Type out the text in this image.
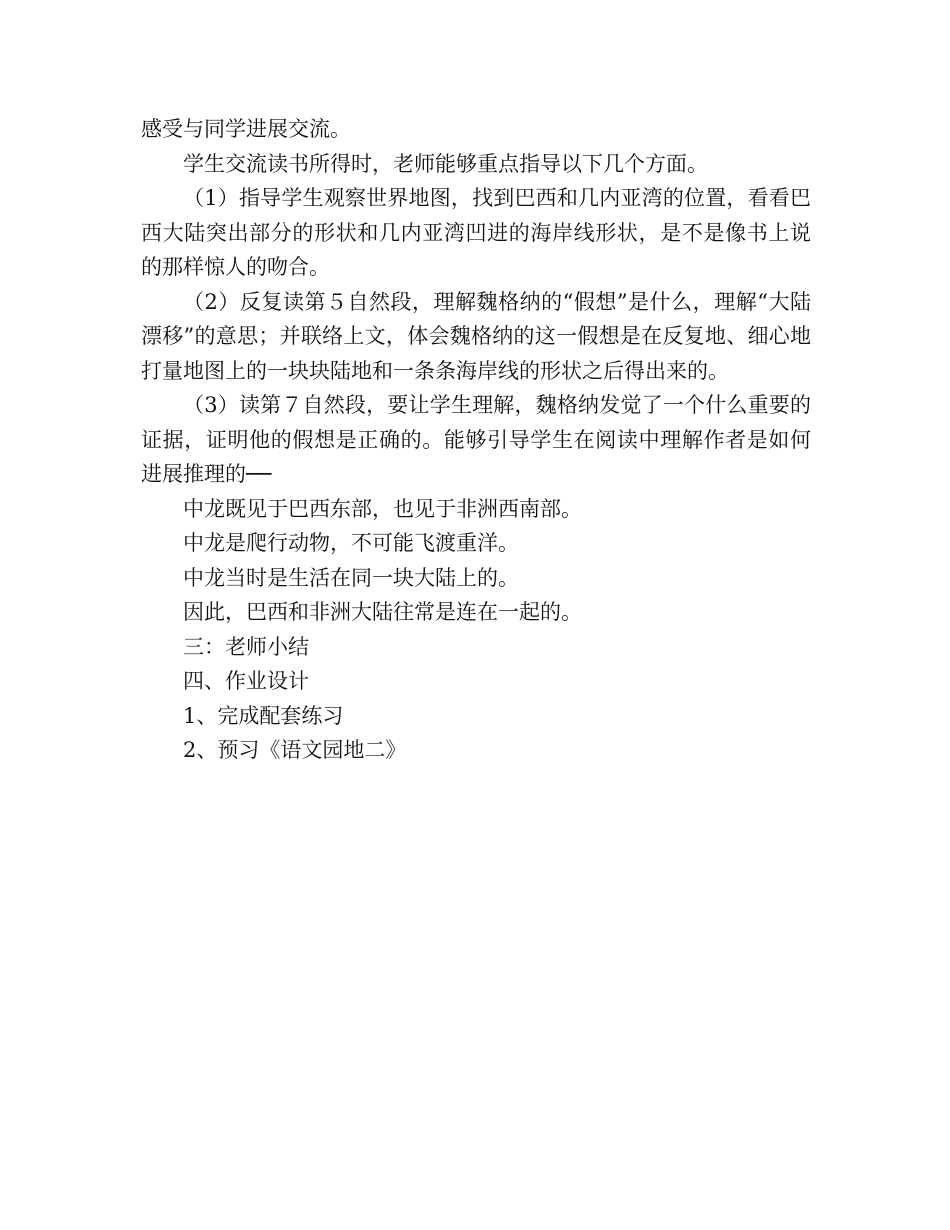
感受与同学进展交流。

学生交流读书所得时，老师能够重点指导以下几个方面。

（1）指导学生观察世界地图，找到巴西和几内亚湾的位置，看看巴西大陆突出部分的形状和几内亚湾凹进的海岸线形状，是不是像书上说的那样惊人的吻合。

（2）反复读第５自然段，理解魏格纳的“假想”是什么，理解“大陆漂移”的意思；并联络上文，体会魏格纳的这一假想是在反复地、细心地打量地图上的一块块陆地和一条条海岸线的形状之后得出来的。

（3）读第７自然段，要让学生理解，魏格纳发觉了一个什么重要的证据，证明他的假想是正确的。能够引导学生在阅读中理解作者是如何进展推理的──

中龙既见于巴西东部，也见于非洲西南部。

中龙是爬行动物，不可能飞渡重洋。

中龙当时是生活在同一块大陆上的。

因此，巴西和非洲大陆往常是连在一起的。

三：老师小结

四、作业设计

1、完成配套练习

2、预习《语文园地二》
